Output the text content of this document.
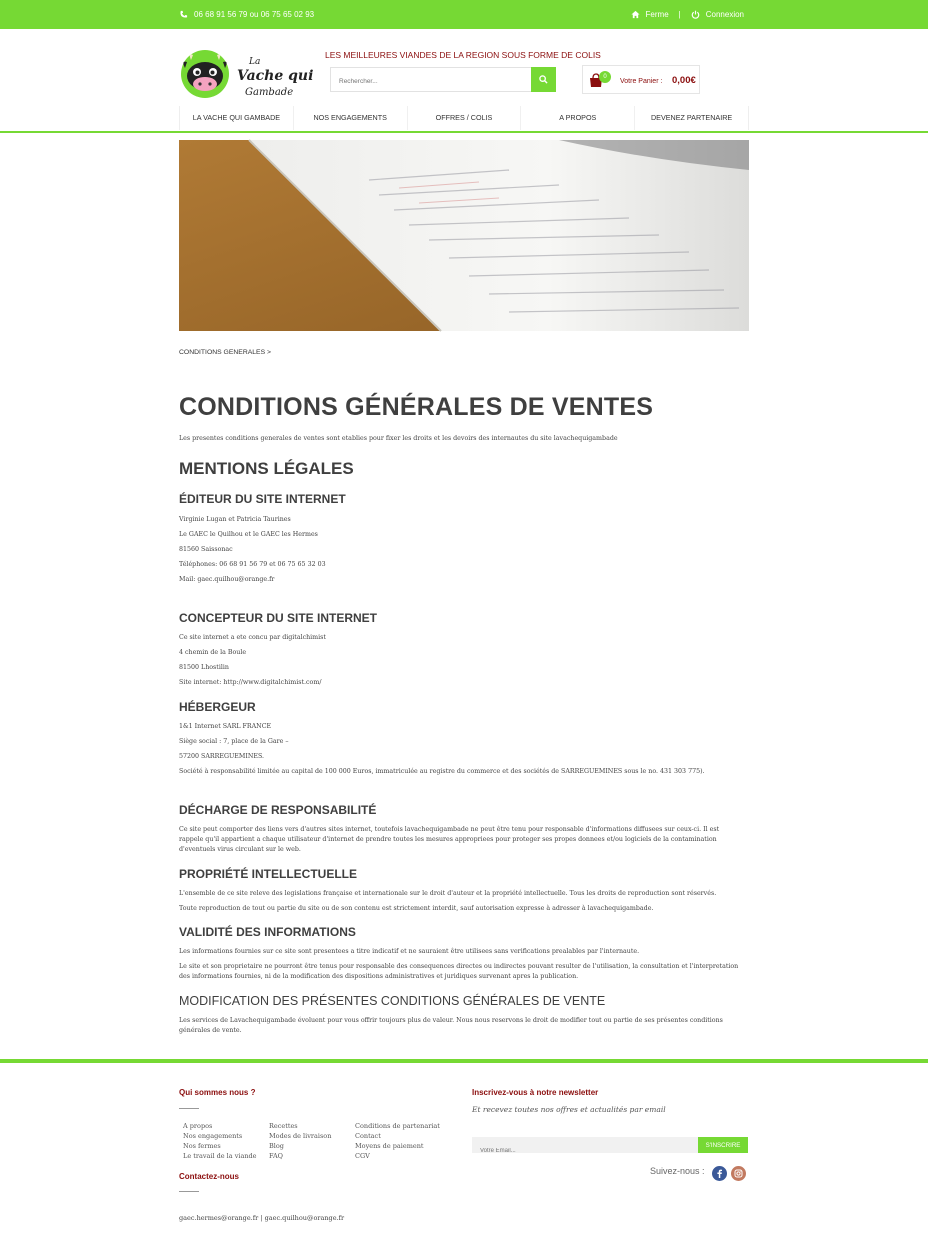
06 68 91 56 79 ou 06 75 65 02 93	Ferme |	Connexion
La
Vache qui
Gambade
LES MEILLEURES VIANDES DE LA REGION SOUS FORME DE COLIS
Rechercher...
0
Votre Panier : 0,00€
LA VACHE QUI GAMBADE	NOS ENGAGEMENTS	OFFRES / COLIS	A PROPOS	DEVENEZ PARTENAIRE
CONDITIONS GENERALES >
CONDITIONS GÉNÉRALES DE VENTES
Les presentes conditions generales de ventes sont etablies pour fixer les droits et les devoirs des internautes du site lavachequigambade
MENTIONS LÉGALES
ÉDITEUR DU SITE INTERNET
Virginie Lugan et Patricia Taurines
Le GAEC le Quilhou et le GAEC les Hermes
81560 Saissonac
Téléphones: 06 68 91 56 79 et 06 75 65 32 03
Mail: gaec.quilhou@orange.fr
CONCEPTEUR DU SITE INTERNET
Ce site internet a ete concu par digitalchimist
4 chemin de la Boule
81500 Lhostilin
Site internet: http://www.digitalchimist.com/
HÉBERGEUR
1&1 Internet SARL FRANCE
Siège social : 7, place de la Gare –
57200 SARREGUEMINES.
Société à responsabilité limitée au capital de 100 000 Euros, immatriculée au registre du commerce et des sociétés de SARREGUEMINES sous le no. 431 303 775).
DÉCHARGE DE RESPONSABILITÉ
Ce site peut comporter des liens vers d'autres sites internet, toutefois lavachequigambade ne peut être tenu pour responsable d'informations diffusees sur ceux-ci. Il est rappele qu'il appartient a chaque utilisateur d'internet de prendre toutes les mesures appropriees pour proteger ses propes donnees et/ou logiciels de la contamination d'eventuels virus circulant sur le web.
PROPRIÉTÉ INTELLECTUELLE
L'ensemble de ce site releve des legislations française et internationale sur le droit d'auteur et la propriété intellectuelle. Tous les droits de reproduction sont réservés.
Toute reproduction de tout ou partie du site ou de son contenu est strictement interdit, sauf autorisation expresse à adresser à lavachequigambade.
VALIDITÉ DES INFORMATIONS
Les informations fournies sur ce site sont presentees a titre indicatif et ne sauraient être utilisees sans verifications prealables par l'internaute.
Le site et son proprietaire ne pourront être tenus pour responsable des consequences directes ou indirectes pouvant resulter de l'utilisation, la consultation et l'interpretation des informations fournies, ni de la modification des dispositions administratives et juridiques survenant apres la publication.
MODIFICATION DES PRÉSENTES CONDITIONS GÉNÉRALES DE VENTE
Les services de Lavachequigambade évoluent pour vous offrir toujours plus de valeur. Nous nous reservons le droit de modifier tout ou partie de ses présentes conditions générales de vente.
Qui sommes nous ?
A propos
Nos engagements
Nos fermes
Le travail de la viande
Recettes
Modes de livraison
Blog
FAQ
Conditions de partenariat
Contact
Moyens de paiement
CGV
Contactez-nous
gaec.hermes@orange.fr | gaec.quilhou@orange.fr
Inscrivez-vous à notre newsletter
Et recevez toutes nos offres et actualités par email
Votre Email...
S'INSCRIRE
Suivez-nous :
